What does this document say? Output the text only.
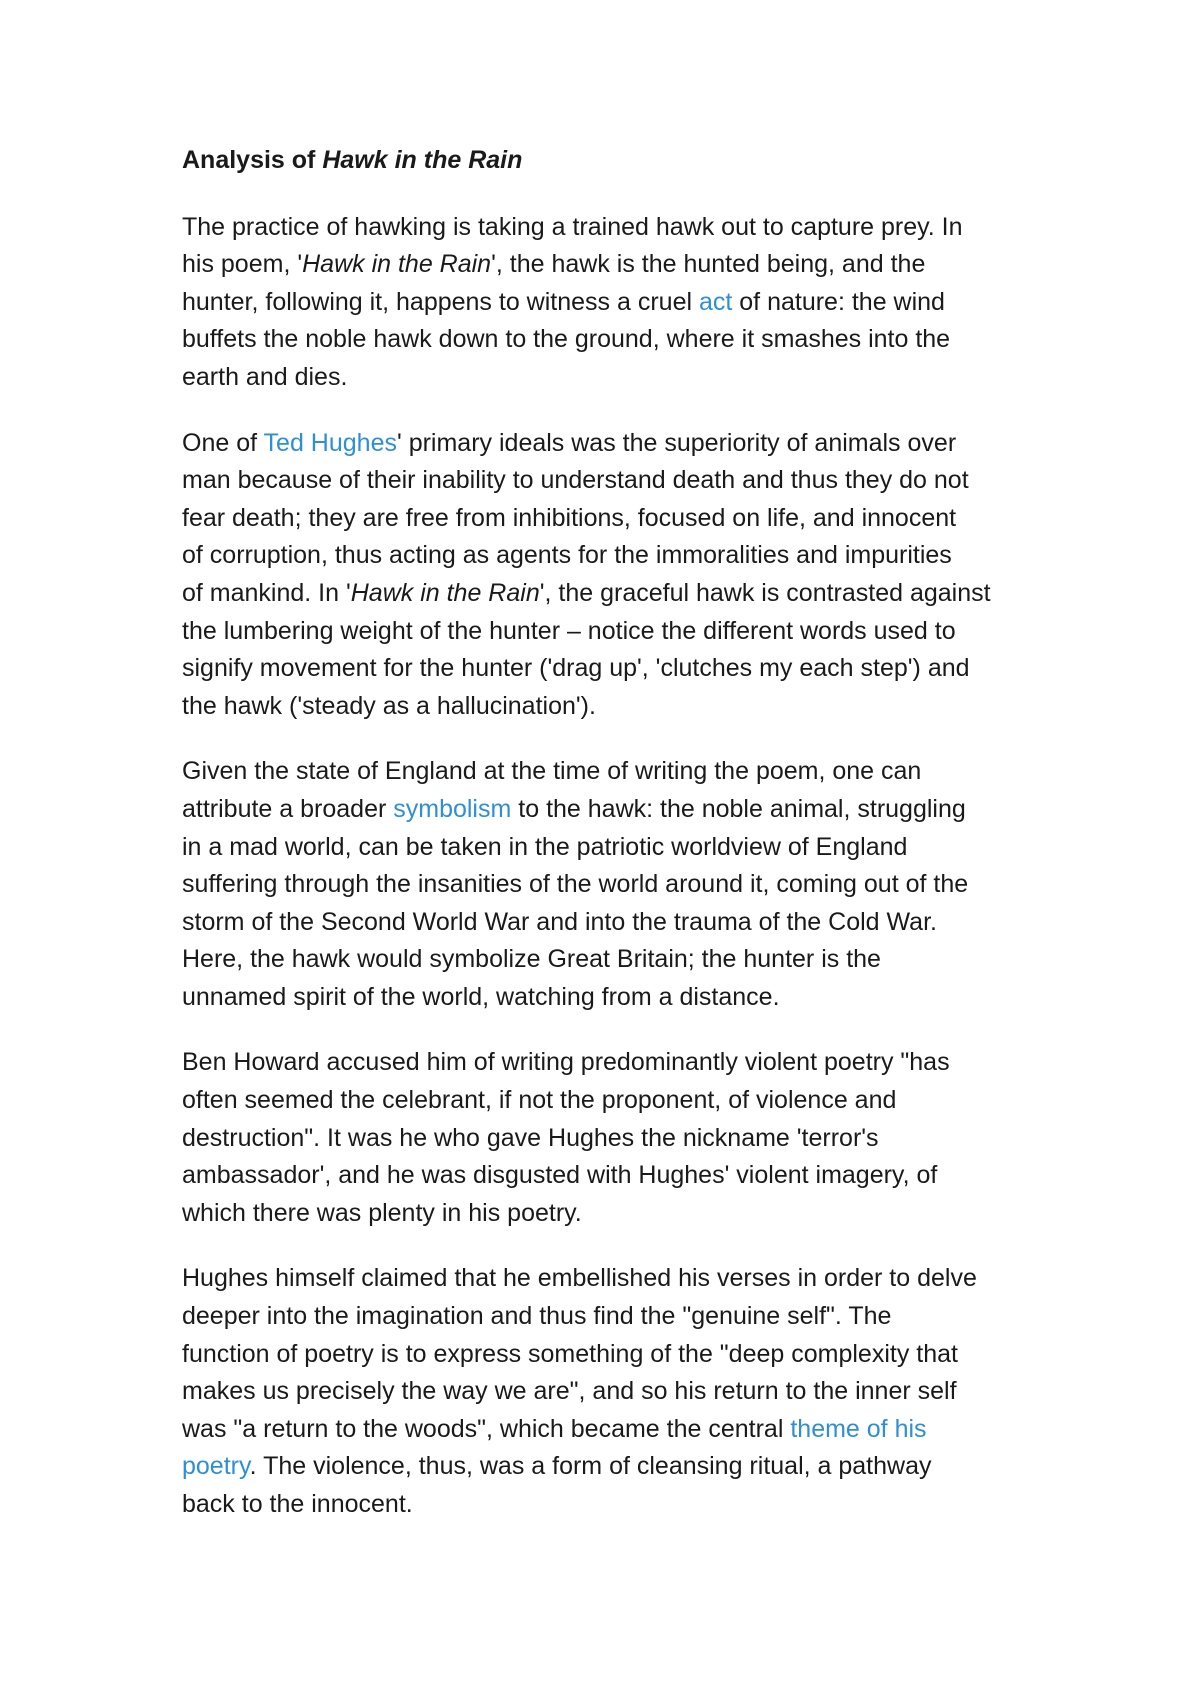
Analysis of Hawk in the Rain
The practice of hawking is taking a trained hawk out to capture prey. In
his poem, 'Hawk in the Rain', the hawk is the hunted being, and the
hunter, following it, happens to witness a cruel act of nature: the wind
buffets the noble hawk down to the ground, where it smashes into the
earth and dies.
One of Ted Hughes' primary ideals was the superiority of animals over
man because of their inability to understand death and thus they do not
fear death; they are free from inhibitions, focused on life, and innocent
of corruption, thus acting as agents for the immoralities and impurities
of mankind. In 'Hawk in the Rain', the graceful hawk is contrasted against
the lumbering weight of the hunter – notice the different words used to
signify movement for the hunter ('drag up', 'clutches my each step') and
the hawk ('steady as a hallucination').
Given the state of England at the time of writing the poem, one can
attribute a broader symbolism to the hawk: the noble animal, struggling
in a mad world, can be taken in the patriotic worldview of England
suffering through the insanities of the world around it, coming out of the
storm of the Second World War and into the trauma of the Cold War.
Here, the hawk would symbolize Great Britain; the hunter is the
unnamed spirit of the world, watching from a distance.
Ben Howard accused him of writing predominantly violent poetry "has
often seemed the celebrant, if not the proponent, of violence and
destruction". It was he who gave Hughes the nickname 'terror's
ambassador', and he was disgusted with Hughes' violent imagery, of
which there was plenty in his poetry.
Hughes himself claimed that he embellished his verses in order to delve
deeper into the imagination and thus find the "genuine self". The
function of poetry is to express something of the "deep complexity that
makes us precisely the way we are", and so his return to the inner self
was "a return to the woods", which became the central theme of his
poetry. The violence, thus, was a form of cleansing ritual, a pathway
back to the innocent.
